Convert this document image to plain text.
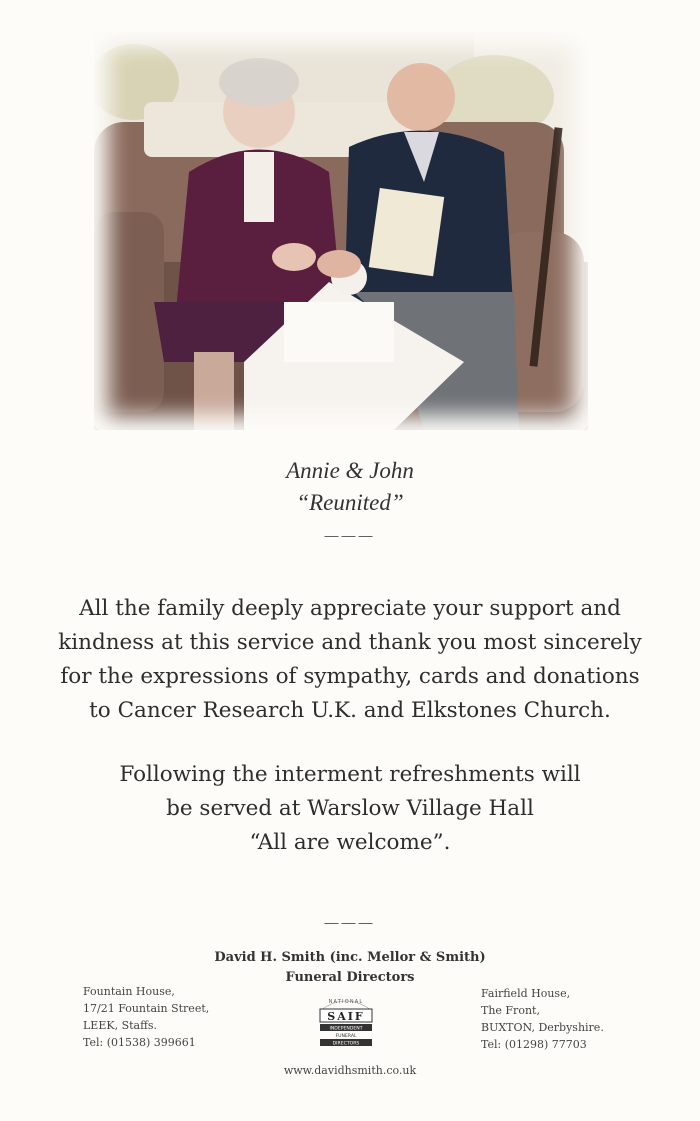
Annie & John
“Reunited”
———
All the family deeply appreciate your support and
kindness at this service and thank you most sincerely
for the expressions of sympathy, cards and donations
to Cancer Research U.K. and Elkstones Church.
Following the interment refreshments will
be served at Warslow Village Hall
“All are welcome”.
———
David H. Smith (inc. Mellor & Smith)
Funeral Directors
Fountain House,
17/21 Fountain Street,
LEEK, Staffs.
Tel: (01538) 399661
Fairfield House,
The Front,
BUXTON, Derbyshire.
Tel: (01298) 77703
NATIONAL
SAIF
INDEPENDENT
FUNERAL
DIRECTORS
www.davidhsmith.co.uk
